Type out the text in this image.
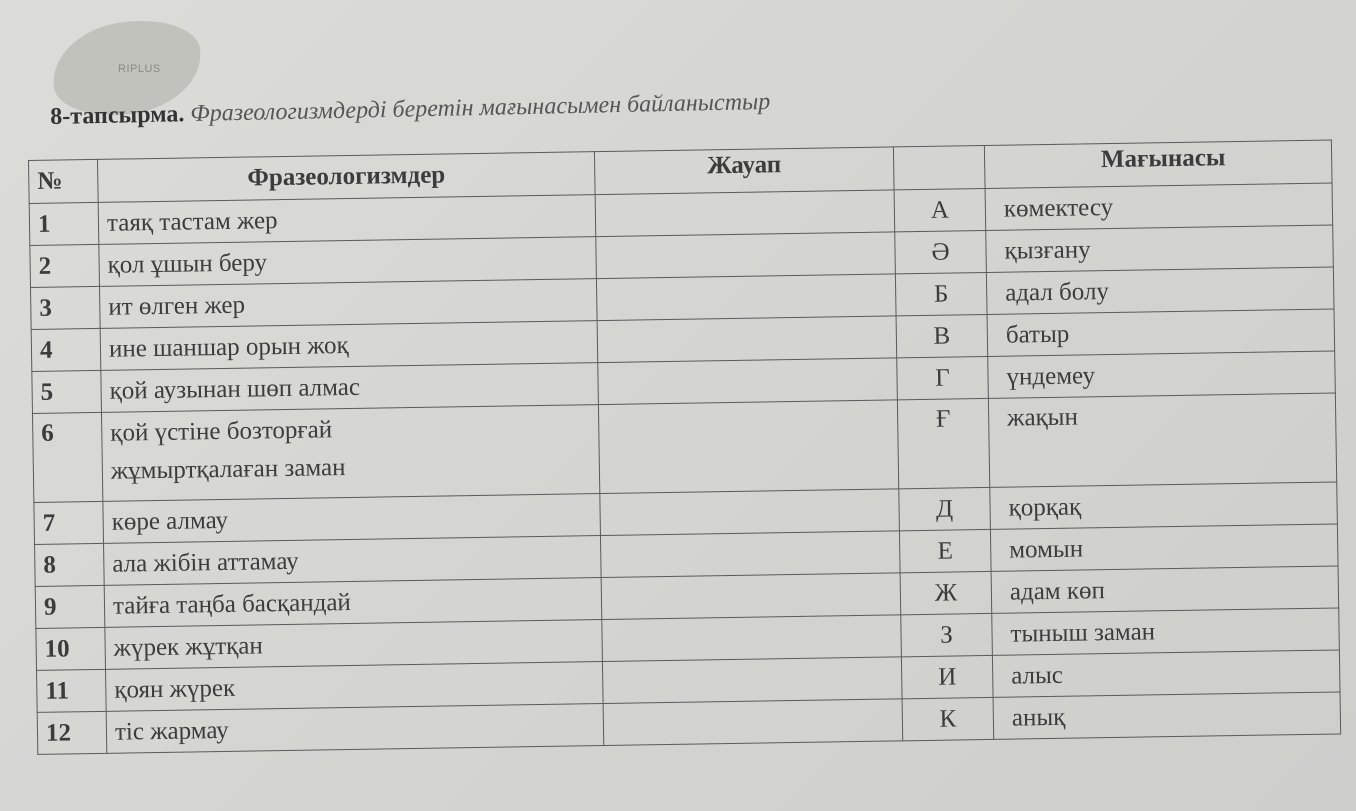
RIPLUS
8-тапсырма. Фразеологизмдерді беретін мағынасымен байланыстыр
№	Фразеологизмдер	Жауап		Мағынасы
1	таяқ тастам жер		А	көмектесу
2	қол ұшын беру		Ә	қызғану
3	ит өлген жер		Б	адал болу
4	ине шаншар орын жоқ		В	батыр
5	қой аузынан шөп алмас		Г	үндемеу
6	қой үстіне бозторғай
жұмыртқалаған заман		Ғ	жақын
7	көре алмау		Д	қорқақ
8	ала жібін аттамау		Е	момын
9	тайға таңба басқандай		Ж	адам көп
10	жүрек жұтқан		З	тыныш заман
11	қоян жүрек		И	алыс
12	тіс жармау		К	анық
